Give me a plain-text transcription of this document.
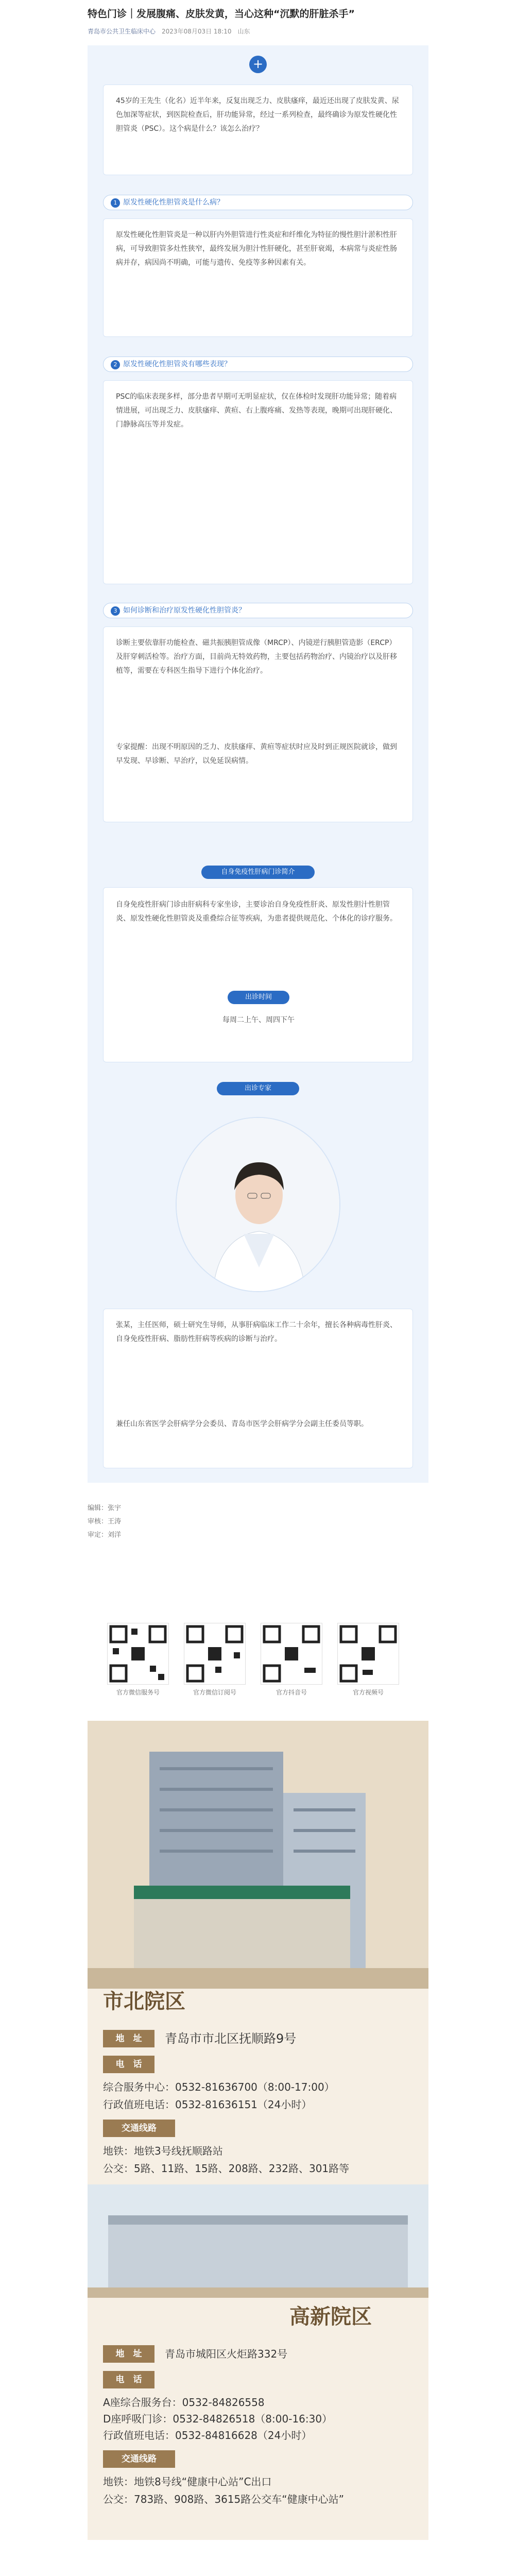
特色门诊｜发展腹痛、皮肤发黄，当心这种“沉默的肝脏杀手”
青岛市公共卫生临床中心　 2023年08月03日 18:10　 山东
+
45岁的王先生（化名）近半年来，反复出现乏力、皮肤瘙痒，最近还出现了皮肤发黄、尿色加深等症状，到医院检查后，肝功能异常，经过一系列检查，最终确诊为原发性硬化性胆管炎（PSC）。这个病是什么？该怎么治疗？
1 原发性硬化性胆管炎是什么病？
原发性硬化性胆管炎是一种以肝内外胆管进行性炎症和纤维化为特征的慢性胆汁淤积性肝病，可导致胆管多灶性狭窄，最终发展为胆汁性肝硬化，甚至肝衰竭，本病常与炎症性肠病并存，病因尚不明确，可能与遗传、免疫等多种因素有关。
2 原发性硬化性胆管炎有哪些表现？
PSC的临床表现多样，部分患者早期可无明显症状，仅在体检时发现肝功能异常；随着病情进展，可出现乏力、皮肤瘙痒、黄疸、右上腹疼痛、发热等表现，晚期可出现肝硬化、门静脉高压等并发症。
3 如何诊断和治疗原发性硬化性胆管炎？
诊断主要依靠肝功能检查、磁共振胰胆管成像（MRCP）、内镜逆行胰胆管造影（ERCP）及肝穿刺活检等。治疗方面，目前尚无特效药物，主要包括药物治疗、内镜治疗以及肝移植等，需要在专科医生指导下进行个体化治疗。
专家提醒：出现不明原因的乏力、皮肤瘙痒、黄疸等症状时应及时到正规医院就诊，做到早发现、早诊断、早治疗，以免延误病情。
自身免疫性肝病门诊简介
自身免疫性肝病门诊由肝病科专家坐诊，主要诊治自身免疫性肝炎、原发性胆汁性胆管炎、原发性硬化性胆管炎及重叠综合征等疾病，为患者提供规范化、个体化的诊疗服务。
出诊时间
每周二上午、周四下午
出诊专家
张某，主任医师，硕士研究生导师，从事肝病临床工作二十余年，擅长各种病毒性肝炎、自身免疫性肝病、脂肪性肝病等疾病的诊断与治疗。
兼任山东省医学会肝病学分会委员、青岛市医学会肝病学分会副主任委员等职。
编辑：张宇
审核：王涛
审定：刘洋
官方微信服务号	官方微信订阅号	官方抖音号	官方视频号
市北院区
地　址	青岛市市北区抚顺路9号
电　话
综合服务中心：0532-81636700（8:00-17:00）
行政值班电话：0532-81636151（24小时）
交通线路
地铁：地铁3号线抚顺路站
公交：5路、11路、15路、208路、232路、301路等
高新院区
地　址	青岛市城阳区火炬路332号
电　话
A座综合服务台：0532-84826558
D座呼吸门诊：0532-84826518（8:00-16:30）
行政值班电话：0532-84816628（24小时）
交通线路
地铁：地铁8号线“健康中心站”C出口
公交：783路、908路、3615路公交车“健康中心站”
